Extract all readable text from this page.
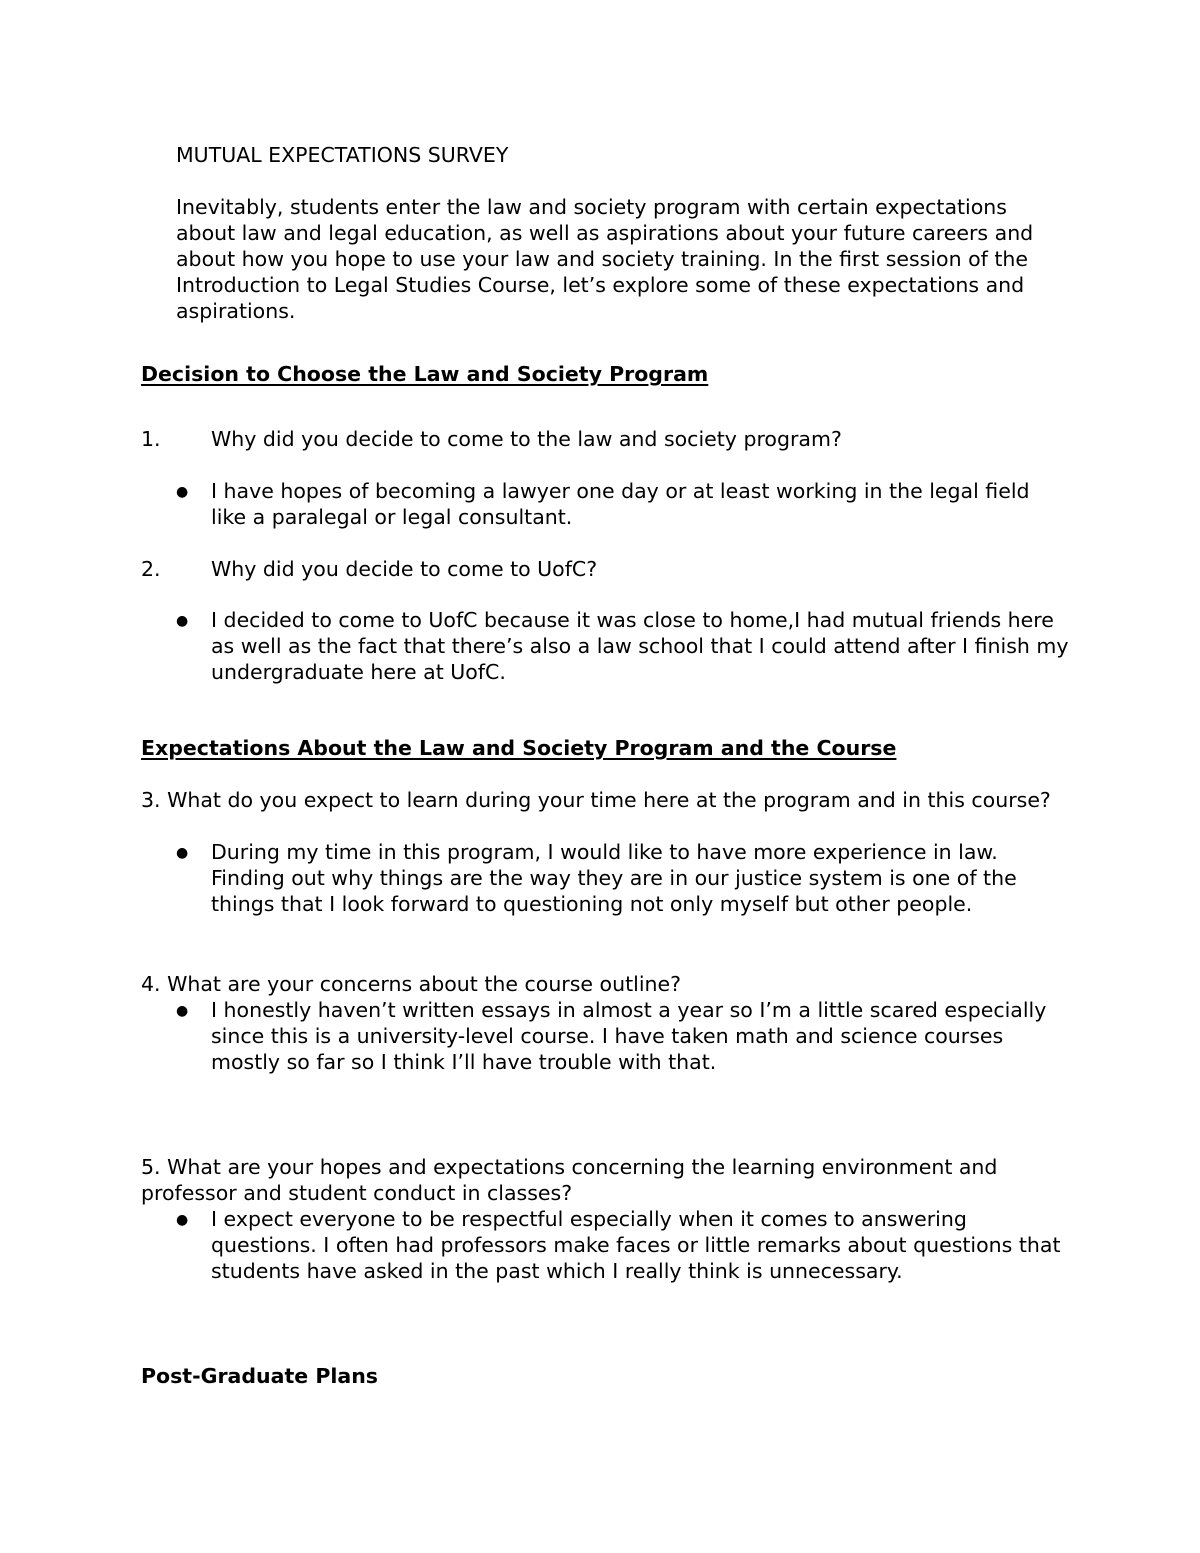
MUTUAL EXPECTATIONS SURVEY

Inevitably, students enter the law and society program with certain expectations about law and legal education, as well as aspirations about your future careers and about how you hope to use your law and society training. In the first session of the Introduction to Legal Studies Course, let’s explore some of these expectations and aspirations.

Decision to Choose the Law and Society Program

1. Why did you decide to come to the law and society program?
●	I have hopes of becoming a lawyer one day or at least working in the legal field like a paralegal or legal consultant.

2. Why did you decide to come to UofC?
●	I decided to come to UofC because it was close to home,I had mutual friends here as well as the fact that there’s also a law school that I could attend after I finish my undergraduate here at UofC.

Expectations About the Law and Society Program and the Course

3. What do you expect to learn during your time here at the program and in this course?

●	During my time in this program, I would like to have more experience in law. Finding out why things are the way they are in our justice system is one of the things that I look forward to questioning not only myself but other people.

4. What are your concerns about the course outline?

●	I honestly haven’t written essays in almost a year so I’m a little scared especially since this is a university-level course. I have taken math and science courses mostly so far so I think I’ll have trouble with that.

5. What are your hopes and expectations concerning the learning environment and professor and student conduct in classes?

●	I expect everyone to be respectful especially when it comes to answering questions. I often had professors make faces or little remarks about questions that students have asked in the past which I really think is unnecessary.

Post-Graduate Plans
